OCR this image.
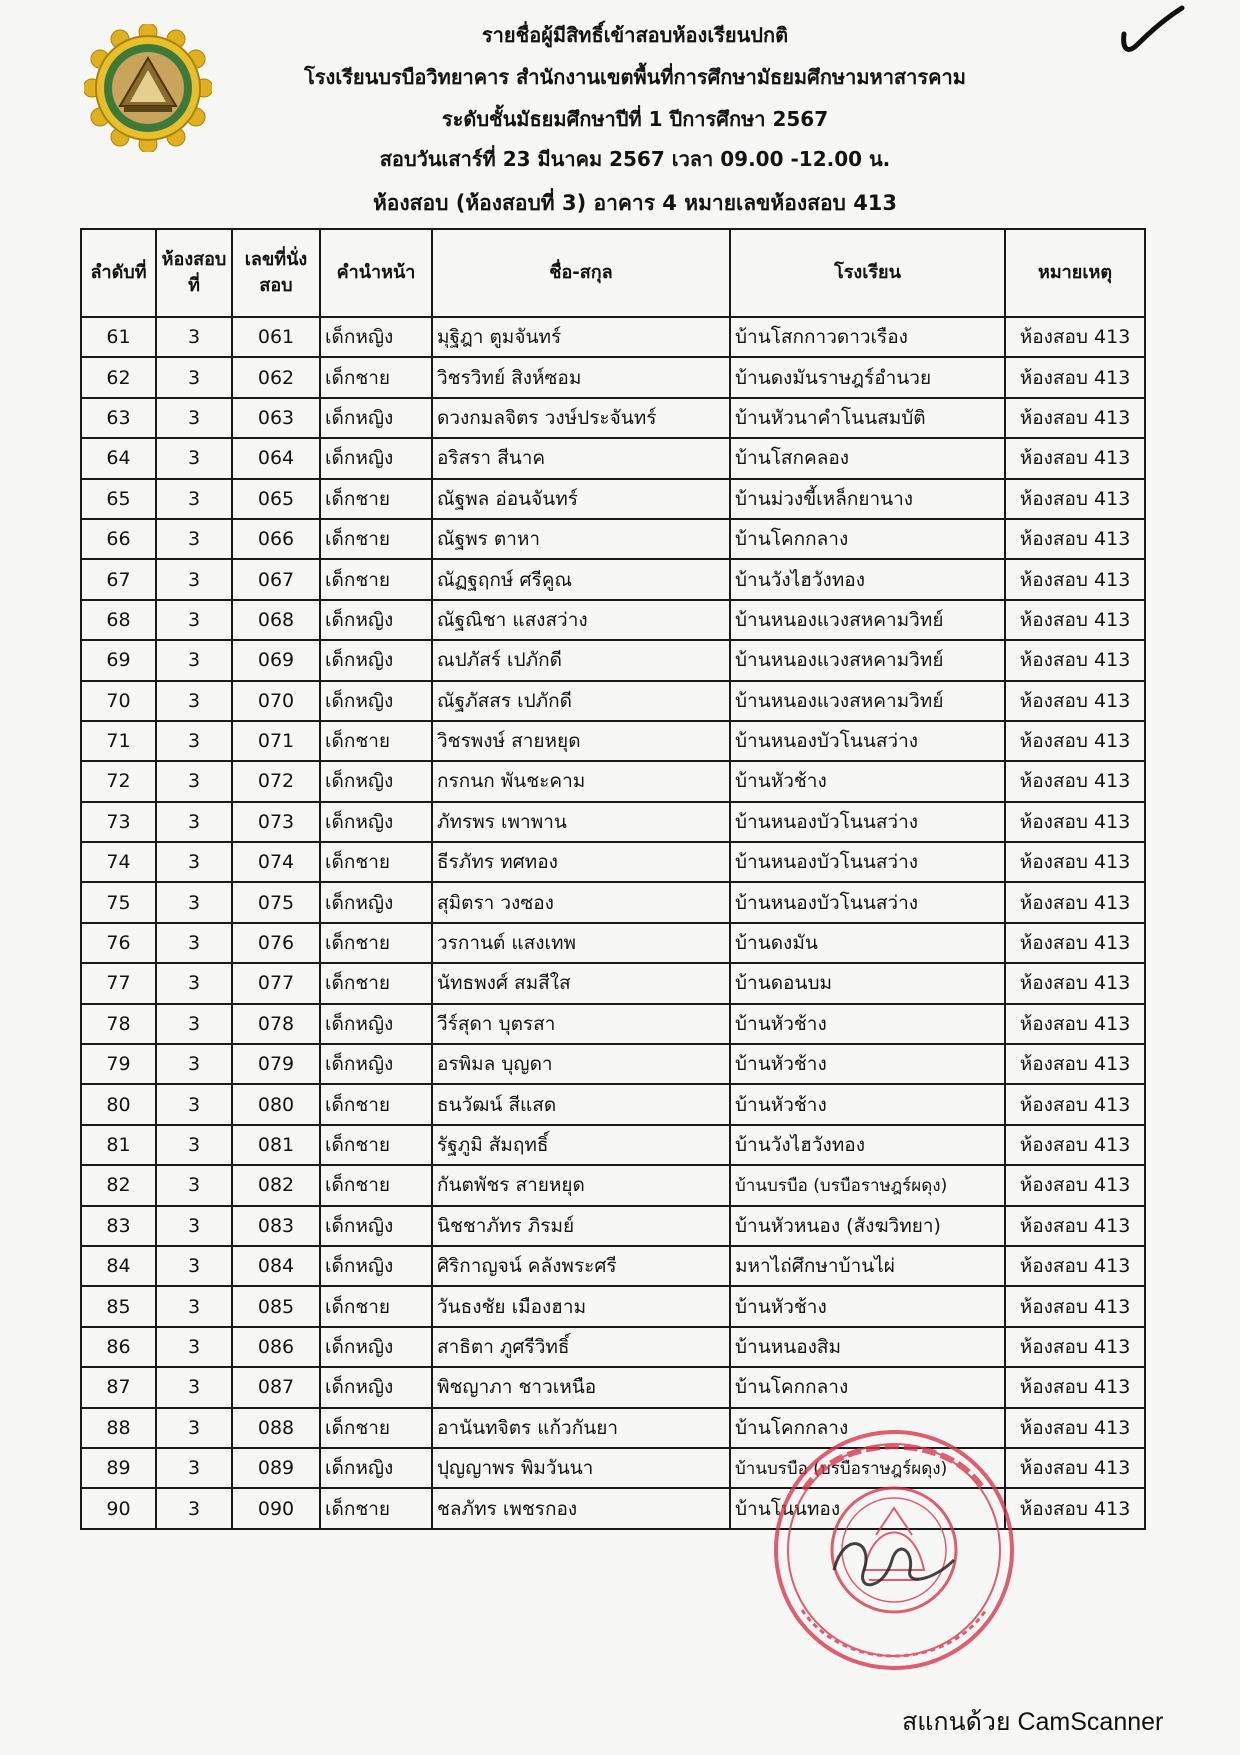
รายชื่อผู้มีสิทธิ์เข้าสอบห้องเรียนปกติ
โรงเรียนบรบือวิทยาคาร สำนักงานเขตพื้นที่การศึกษามัธยมศึกษามหาสารคาม
ระดับชั้นมัธยมศึกษาปีที่ 1 ปีการศึกษา 2567
สอบวันเสาร์ที่ 23 มีนาคม 2567 เวลา 09.00 -12.00 น.
ห้องสอบ (ห้องสอบที่ 3) อาคาร 4 หมายเลขห้องสอบ 413
ลำดับที่	ห้องสอบที่	เลขที่นั่งสอบ	คำนำหน้า	ชื่อ-สกุล	โรงเรียน	หมายเหตุ
61	3	061	เด็กหญิง	มุฐิฎา ตูมจันทร์	บ้านโสกกาวดาวเรือง	ห้องสอบ 413
62	3	062	เด็กชาย	วิชรวิทย์ สิงห์ซอม	บ้านดงมันราษฎร์อำนวย	ห้องสอบ 413
63	3	063	เด็กหญิง	ดวงกมลจิตร วงษ์ประจันทร์	บ้านหัวนาคำโนนสมบัติ	ห้องสอบ 413
64	3	064	เด็กหญิง	อริสรา สีนาค	บ้านโสกคลอง	ห้องสอบ 413
65	3	065	เด็กชาย	ณัฐพล อ่อนจันทร์	บ้านม่วงขี้เหล็กยานาง	ห้องสอบ 413
66	3	066	เด็กชาย	ณัฐพร ตาหา	บ้านโคกกลาง	ห้องสอบ 413
67	3	067	เด็กชาย	ณัฏฐฤกษ์ ศรีคูณ	บ้านวังไฮวังทอง	ห้องสอบ 413
68	3	068	เด็กหญิง	ณัฐณิชา แสงสว่าง	บ้านหนองแวงสหคามวิทย์	ห้องสอบ 413
69	3	069	เด็กหญิง	ณปภัสร์ เปภักดี	บ้านหนองแวงสหคามวิทย์	ห้องสอบ 413
70	3	070	เด็กหญิง	ณัฐภัสสร เปภักดี	บ้านหนองแวงสหคามวิทย์	ห้องสอบ 413
71	3	071	เด็กชาย	วิชรพงษ์ สายหยุด	บ้านหนองบัวโนนสว่าง	ห้องสอบ 413
72	3	072	เด็กหญิง	กรกนก พันชะคาม	บ้านหัวช้าง	ห้องสอบ 413
73	3	073	เด็กหญิง	ภัทรพร เพาพาน	บ้านหนองบัวโนนสว่าง	ห้องสอบ 413
74	3	074	เด็กชาย	ธีรภัทร ทศทอง	บ้านหนองบัวโนนสว่าง	ห้องสอบ 413
75	3	075	เด็กหญิง	สุมิตรา วงซอง	บ้านหนองบัวโนนสว่าง	ห้องสอบ 413
76	3	076	เด็กชาย	วรกานต์ แสงเทพ	บ้านดงมัน	ห้องสอบ 413
77	3	077	เด็กชาย	นัทธพงศ์ สมสีใส	บ้านดอนบม	ห้องสอบ 413
78	3	078	เด็กหญิง	วีร์สุดา บุตรสา	บ้านหัวช้าง	ห้องสอบ 413
79	3	079	เด็กหญิง	อรพิมล บุญดา	บ้านหัวช้าง	ห้องสอบ 413
80	3	080	เด็กชาย	ธนวัฒน์ สีแสด	บ้านหัวช้าง	ห้องสอบ 413
81	3	081	เด็กชาย	รัฐภูมิ สัมฤทธิ์	บ้านวังไฮวังทอง	ห้องสอบ 413
82	3	082	เด็กชาย	กันตพัชร สายหยุด	บ้านบรบือ (บรบือราษฎร์ผดุง)	ห้องสอบ 413
83	3	083	เด็กหญิง	นิชชาภัทร ภิรมย์	บ้านหัวหนอง (สังฆวิทยา)	ห้องสอบ 413
84	3	084	เด็กหญิง	ศิริกาญจน์ คลังพระศรี	มหาไถ่ศึกษาบ้านไผ่	ห้องสอบ 413
85	3	085	เด็กชาย	วันธงชัย เมืองฮาม	บ้านหัวช้าง	ห้องสอบ 413
86	3	086	เด็กหญิง	สาธิตา ภูศรีวิทธิ์	บ้านหนองสิม	ห้องสอบ 413
87	3	087	เด็กหญิง	พิชญาภา ชาวเหนือ	บ้านโคกกลาง	ห้องสอบ 413
88	3	088	เด็กชาย	อานันทจิตร แก้วกันยา	บ้านโคกกลาง	ห้องสอบ 413
89	3	089	เด็กหญิง	ปุญญาพร พิมวันนา	บ้านบรบือ (บรบือราษฎร์ผดุง)	ห้องสอบ 413
90	3	090	เด็กชาย	ชลภัทร เพชรกอง	บ้านโนนทอง	ห้องสอบ 413
สแกนด้วย CamScanner
